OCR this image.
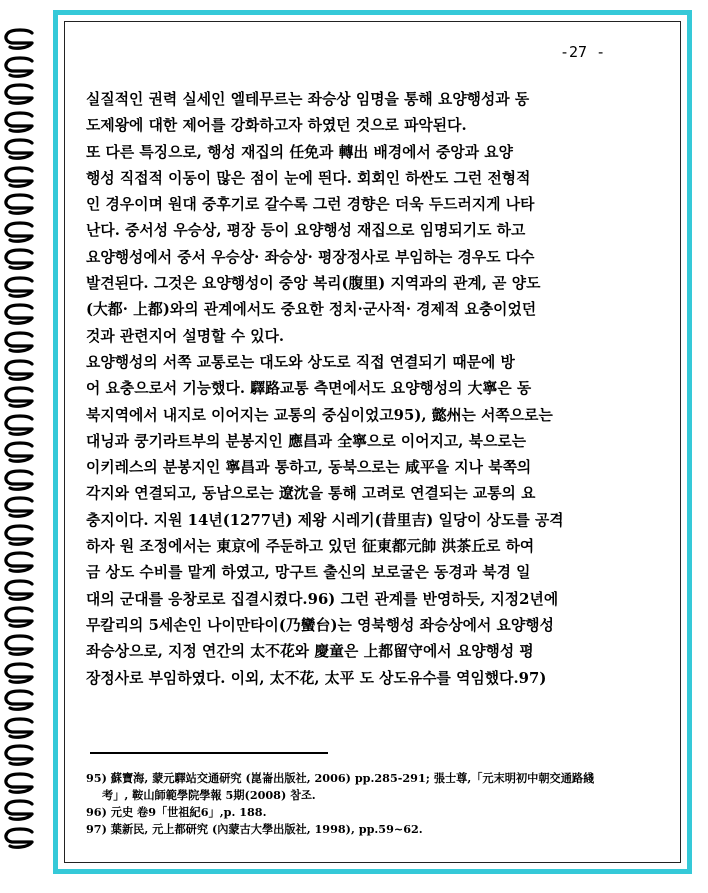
-27 -
실질적인 권력 실세인 엘테무르는 좌승상 임명을 통해 요양행성과 동
도제왕에 대한 제어를 강화하고자 하였던 것으로 파악된다.
또 다른 특징으로, 행성 재집의 任免과 轉出 배경에서 중앙과 요양
행성 직접적 이동이 많은 점이 눈에 띈다. 회회인 하싼도 그런 전형적
인 경우이며 원대 중후기로 갈수록 그런 경향은 더욱 두드러지게 나타
난다. 중서성 우승상, 평장 등이 요양행성 재집으로 임명되기도 하고
요양행성에서 중서 우승상· 좌승상· 평장정사로 부임하는 경우도 다수
발견된다. 그것은 요양행성이 중앙 복리(腹里) 지역과의 관계, 곧 양도
(大都· 上都)와의 관계에서도 중요한 정치·군사적· 경제적 요충이었던
것과 관련지어 설명할 수 있다.
요양행성의 서쪽 교통로는 대도와 상도로 직접 연결되기 때문에 방
어 요충으로서 기능했다. 驛路교통 측면에서도 요양행성의 大寧은 동
북지역에서 내지로 이어지는 교통의 중심이었고95), 懿州는 서쪽으로는
대닝과 쿵기라트부의 분봉지인 應昌과 全寧으로 이어지고, 북으로는
이키레스의 분봉지인 寧昌과 통하고, 동북으로는 咸平을 지나 북쪽의
각지와 연결되고, 동남으로는 遼沈을 통해 고려로 연결되는 교통의 요
충지이다. 지원 14년(1277년) 제왕 시레기(昔里吉) 일당이 상도를 공격
하자 원 조정에서는 東京에 주둔하고 있던 征東都元帥 洪茶丘로 하여
금 상도 수비를 맡게 하였고, 망구트 출신의 보로굴은 동경과 북경 일
대의 군대를 응창로로 집결시켰다.96) 그런 관계를 반영하듯, 지정2년에
무칼리의 5세손인 나이만타이(乃蠻台)는 영북행성 좌승상에서 요양행성
좌승상으로, 지정 연간의 太不花와 慶童은 上都留守에서 요양행성 평
장정사로 부임하였다. 이외, 太不花, 太平 도 상도유수를 역임했다.97)
95) 蘇寶海, 蒙元驛站交通研究 (崑崙出版社, 2006) pp.285-291; 張士尊,「元末明初中朝交通路綫
考」, 鞍山師範學院學報 5期(2008) 참조.
96) 元史 卷9「世祖紀6」,p. 188.
97) 葉新民, 元上都研究 (內蒙古大學出版社, 1998), pp.59~62.
